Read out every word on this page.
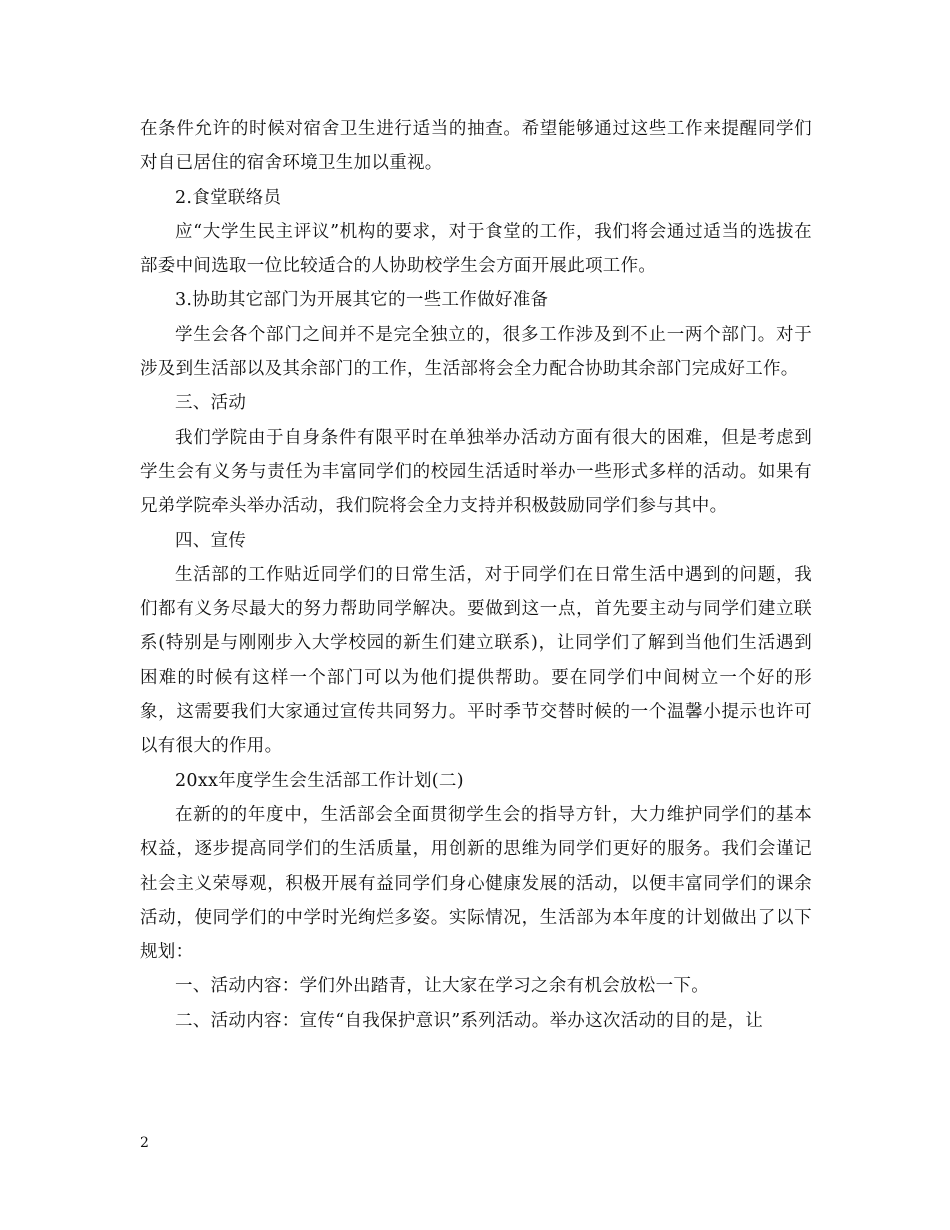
在条件允许的时候对宿舍卫生进行适当的抽查。希望能够通过这些工作来提醒同学们对自已居住的宿舍环境卫生加以重视。

2.食堂联络员

应“大学生民主评议”机构的要求，对于食堂的工作，我们将会通过适当的选拔在部委中间选取一位比较适合的人协助校学生会方面开展此项工作。

3.协助其它部门为开展其它的一些工作做好准备

学生会各个部门之间并不是完全独立的，很多工作涉及到不止一两个部门。对于涉及到生活部以及其余部门的工作，生活部将会全力配合协助其余部门完成好工作。

三、活动

我们学院由于自身条件有限平时在单独举办活动方面有很大的困难，但是考虑到学生会有义务与责任为丰富同学们的校园生活适时举办一些形式多样的活动。如果有兄弟学院牵头举办活动，我们院将会全力支持并积极鼓励同学们参与其中。

四、宣传

生活部的工作贴近同学们的日常生活，对于同学们在日常生活中遇到的问题，我们都有义务尽最大的努力帮助同学解决。要做到这一点，首先要主动与同学们建立联系(特别是与刚刚步入大学校园的新生们建立联系)，让同学们了解到当他们生活遇到困难的时候有这样一个部门可以为他们提供帮助。要在同学们中间树立一个好的形象，这需要我们大家通过宣传共同努力。平时季节交替时候的一个温馨小提示也许可以有很大的作用。

20xx年度学生会生活部工作计划(二)

在新的的年度中，生活部会全面贯彻学生会的指导方针，大力维护同学们的基本权益，逐步提高同学们的生活质量，用创新的思维为同学们更好的服务。我们会谨记社会主义荣辱观，积极开展有益同学们身心健康发展的活动，以便丰富同学们的课余活动，使同学们的中学时光绚烂多姿。实际情况，生活部为本年度的计划做出了以下规划：

一、活动内容：学们外出踏青，让大家在学习之余有机会放松一下。

二、活动内容：宣传“自我保护意识”系列活动。举办这次活动的目的是，让

2
